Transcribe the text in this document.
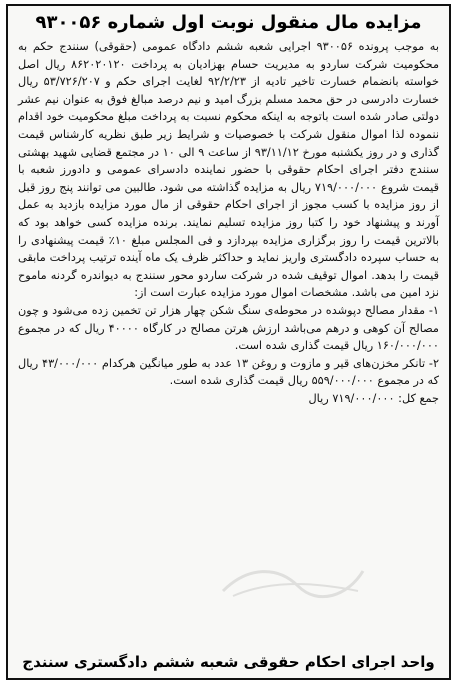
مزایده مال منقول نوبت اول شماره ۹۳۰۰۵۶

به موجب پرونده ۹۳۰۰۵۶ اجرایی شعبه ششم دادگاه عمومی (حقوقی) سنندج حکم به محکومیت شرکت ساردو به مدیریت حسام بهزادیان به پرداخت ۸۶۲۰۲۰۱۲۰ ریال اصل خواسته بانضمام خسارت تاخیر تادیه از ۹۲/۲/۲۳ لغایت اجرای حکم و ۵۳/۷۲۶/۲۰۷ ریال خسارت دادرسی در حق محمد مسلم بزرگ امید و نیم درصد مبالغ فوق به عنوان نیم عشر دولتی صادر شده است باتوجه به اینکه محکوم نسبت به پرداخت مبلغ محکومیت خود اقدام ننموده لذا اموال منقول شرکت با خصوصیات و شرایط زیر طبق نظریه کارشناس قیمت گذاری و در روز یکشنبه مورخ ۹۳/۱۱/۱۲ از ساعت ۹ الی ۱۰ در مجتمع قضایی شهید بهشتی سنندج دفتر اجرای احکام حقوقی با حضور نماینده دادسرای عمومی و دادورز شعبه با قیمت شروع ۷۱۹/۰۰۰/۰۰۰ ریال به مزایده گذاشته می شود. طالبین می توانند پنج روز قبل از روز مزایده با کسب مجوز از اجرای احکام حقوقی از مال مورد مزایده بازدید به عمل آورند و پیشنهاد خود را کتبا روز مزایده تسلیم نمایند. برنده مزایده کسی خواهد بود که بالاترین قیمت را روز برگزاری مزایده بپردازد و فی المجلس مبلغ ۱۰٪ قیمت پیشنهادی را به حساب سپرده دادگستری واریز نماید و حداکثر ظرف یک ماه آینده ترتیب پرداخت مابقی قیمت را بدهد. اموال توقیف شده در شرکت ساردو محور سنندج به دیواندره گردنه ماموح نزد امین می باشد. مشخصات اموال مورد مزایده عبارت است از:

۱- مقدار مصالح دپوشده در محوطه‌ی سنگ شکن چهار هزار تن تخمین زده می‌شود و چون مصالح آن کوهی و درهم می‌باشد ارزش هرتن مصالح در کارگاه ۴۰۰۰۰ ریال که در مجموع ۱۶۰/۰۰۰/۰۰۰ ریال قیمت گذاری شده است.

۲- تانکر مخزن‌های قیر و مازوت و روغن ۱۳ عدد به طور میانگین هرکدام ۴۳/۰۰۰/۰۰۰ ریال که در مجموع ۵۵۹/۰۰۰/۰۰۰ ریال قیمت گذاری شده است.

جمع کل: ۷۱۹/۰۰۰/۰۰۰ ریال

واحد اجرای احکام حقوقی شعبه ششم دادگستری سنندج
